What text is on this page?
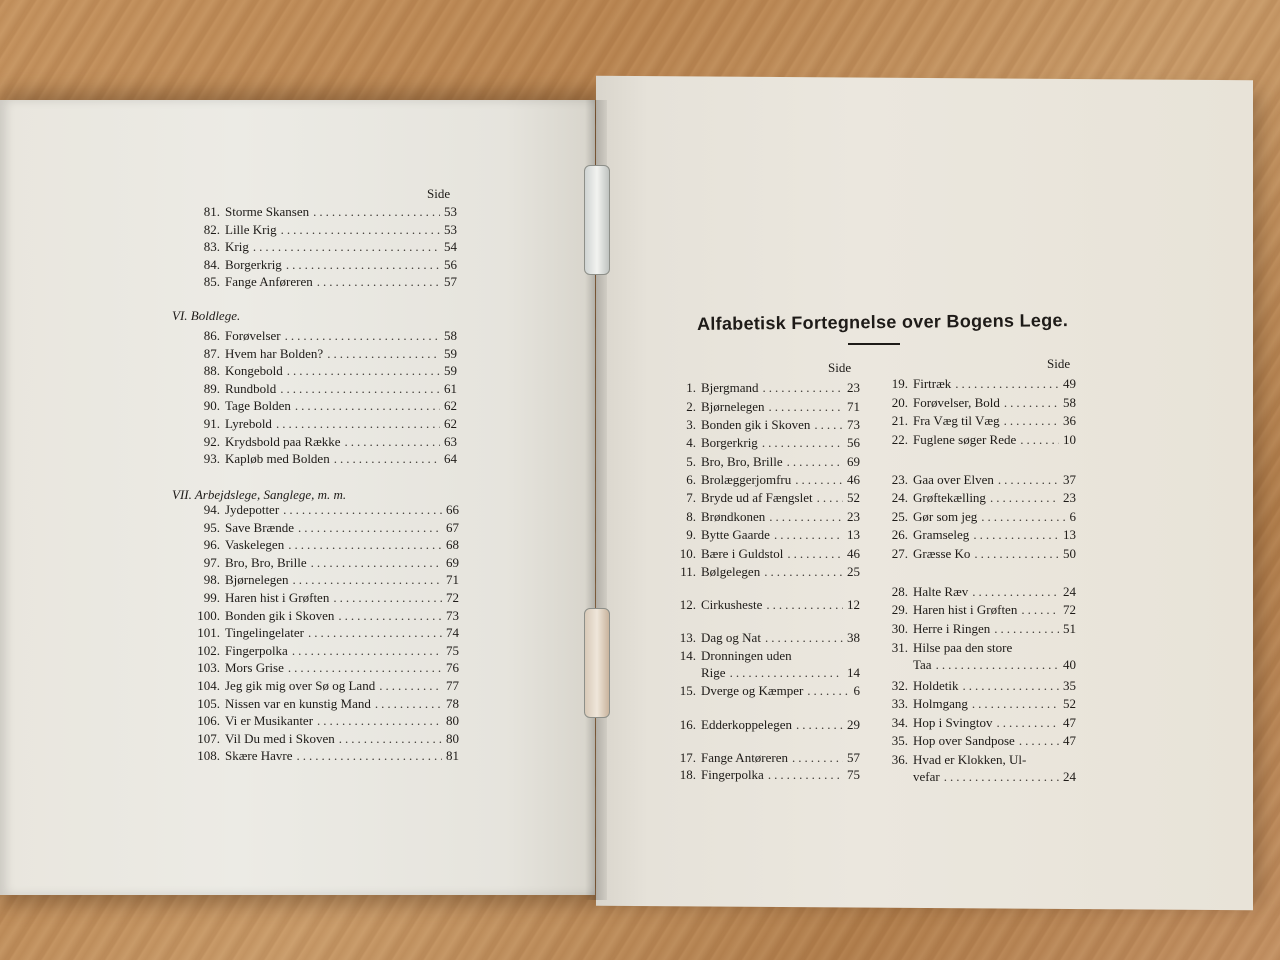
Side
81. Storme Skansen .....	53
82. Lille Krig .....	53
83. Krig .....	54
84. Borgerkrig .....	56
85. Fange Anføreren .....	57
VI. Boldlege.
86. Forøvelser .....	58
87. Hvem har Bolden? .....	59
88. Kongebold .....	59
89. Rundbold .....	61
90. Tage Bolden .....	62
91. Lyrebold .....	62
92. Krydsbold paa Række .....	63
93. Kapløb med Bolden .....	64
VII. Arbejdslege, Sanglege, m. m.
94. Jydepotter .....	66
95. Save Brænde .....	67
96. Vaskelegen .....	68
97. Bro, Bro, Brille .....	69
98. Bjørnelegen .....	71
99. Haren hist i Grøften .....	72
100. Bonden gik i Skoven .....	73
101. Tingelingelater .....	74
102. Fingerpolka .....	75
103. Mors Grise .....	76
104. Jeg gik mig over Sø og Land .....	77
105. Nissen var en kunstig Mand .....	78
106. Vi er Musikanter .....	80
107. Vil Du med i Skoven .....	80
108. Skære Havre .....	81
Alfabetisk Fortegnelse over Bogens Lege.
Side	Side
1. Bjergmand .....	23
2. Bjørnelegen .....	71
3. Bonden gik i Skoven .....	73
4. Borgerkrig .....	56
5. Bro, Bro, Brille .....	69
6. Brolæggerjomfru .....	46
7. Bryde ud af Fængslet .....	52
8. Brøndkonen .....	23
9. Bytte Gaarde .....	13
10. Bære i Guldstol .....	46
11. Bølgelegen .....	25
12. Cirkusheste .....	12
13. Dag og Nat .....	38
14. Dronningen uden
Rige .....	14
15. Dverge og Kæmper .....	6
16. Edderkoppelegen .....	29
17. Fange Antøreren .....	57
18. Fingerpolka .....	75
19. Firtræk .....	49
20. Forøvelser, Bold .....	58
21. Fra Væg til Væg .....	36
22. Fuglene søger Rede .....	10
23. Gaa over Elven .....	37
24. Grøftekælling .....	23
25. Gør som jeg .....	6
26. Gramseleg .....	13
27. Græsse Ko .....	50
28. Halte Ræv .....	24
29. Haren hist i Grøften .....	72
30. Herre i Ringen .....	51
31. Hilse paa den store
Taa .....	40
32. Holdetik .....	35
33. Holmgang .....	52
34. Hop i Svingtov .....	47
35. Hop over Sandpose .....	47
36. Hvad er Klokken, Ul-
vefar .....	24
